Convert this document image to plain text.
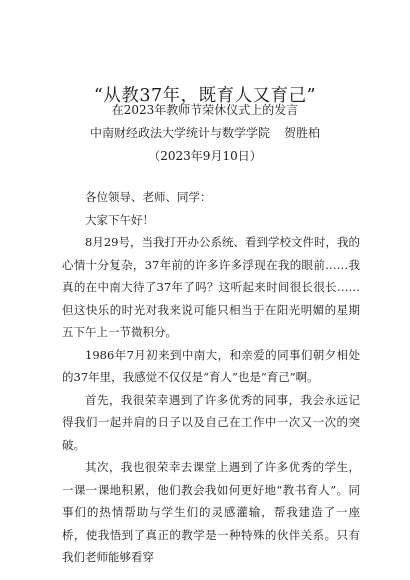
“从教37年，既育人又育己”
在2023年教师节荣休仪式上的发言
中南财经政法大学统计与数学学院 贺胜柏
（2023年9月10日）

各位领导、老师、同学：

大家下午好！

8月29号，当我打开办公系统、看到学校文件时，我的心情十分复杂，37年前的许多许多浮现在我的眼前……我真的在中南大待了37年了吗？这听起来时间很长很长……但这快乐的时光对我来说可能只相当于在阳光明媚的星期五下午上一节微积分。

1986年7月初来到中南大，和亲爱的同事们朝夕相处的37年里，我感觉不仅仅是“育人”也是“育己”啊。

首先，我很荣幸遇到了许多优秀的同事，我会永远记得我们一起并肩的日子以及自己在工作中一次又一次的突破。

其次，我也很荣幸去课堂上遇到了许多优秀的学生，一课一课地积累，他们教会我如何更好地“教书育人”。同事们的热情帮助与学生们的灵感灌输，帮我建造了一座桥，使我悟到了真正的教学是一种特殊的伙伴关系。只有我们老师能够看穿
